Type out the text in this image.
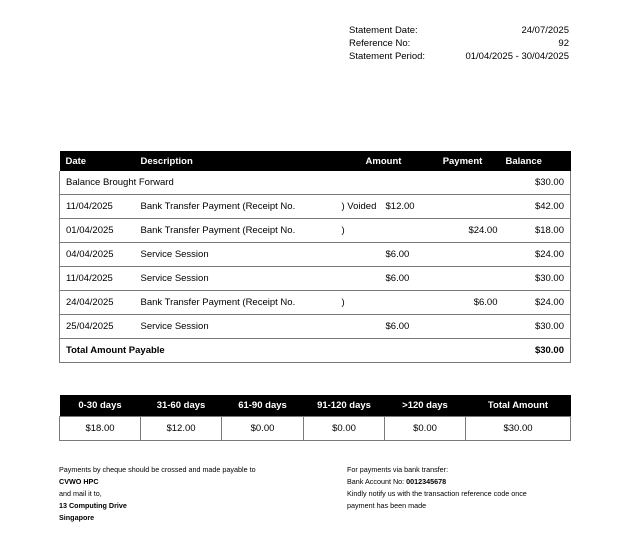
Statement Date:	24/07/2025
Reference No:	92
Statement Period:	01/04/2025 - 30/04/2025
Date	Description	Amount	Payment	Balance
Balance Brought Forward				$30.00
11/04/2025	Bank Transfer Payment (Receipt No.	) Voided $12.00		$42.00
01/04/2025	Bank Transfer Payment (Receipt No.	)	$24.00	$18.00
04/04/2025	Service Session	$6.00		$24.00
11/04/2025	Service Session	$6.00		$30.00
24/04/2025	Bank Transfer Payment (Receipt No.	)	$6.00	$24.00
25/04/2025	Service Session	$6.00		$30.00
Total Amount Payable				$30.00
0-30 days	31-60 days	61-90 days	91-120 days	>120 days	Total Amount
$18.00	$12.00	$0.00	$0.00	$0.00	$30.00
Payments by cheque should be crossed and made payable to
CVWO HPC
and mail it to,
13 Computing Drive
Singapore
For payments via bank transfer:
Bank Account No: 0012345678
Kindly notify us with the transaction reference code once
payment has been made
